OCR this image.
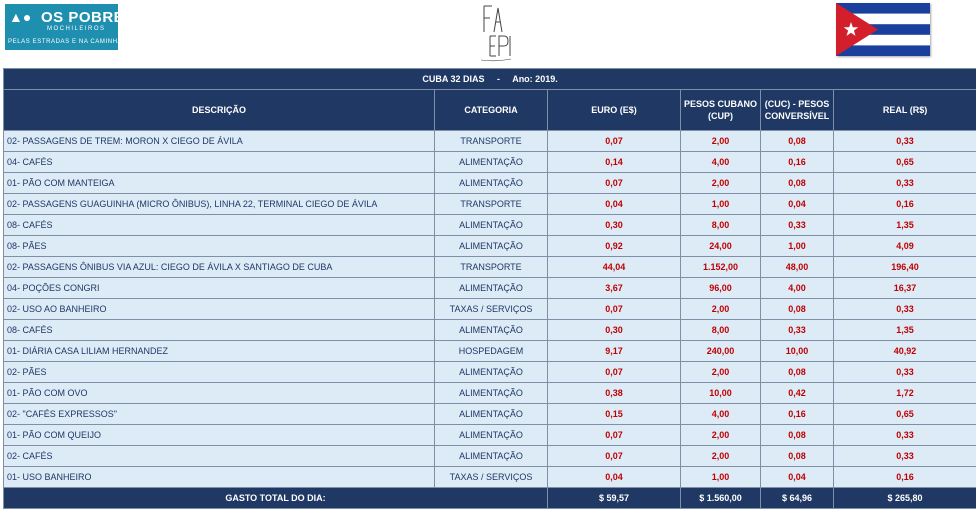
▲● OS POBRES
MOCHILEIROS
PELAS ESTRADAS E NA CAMINHADA
CUBA 32 DIAS     -     Ano: 2019.					
DESCRIÇÃO	CATEGORIA	EURO (E$)	PESOS CUBANO (CUP)	(CUC) - PESOS CONVERSÍVEL	REAL (R$)
02- PASSAGENS DE TREM: MORON X CIEGO DE ÁVILA	TRANSPORTE	0,07	2,00	0,08	0,33
04- CAFÉS	ALIMENTAÇÃO	0,14	4,00	0,16	0,65
01- PÃO COM MANTEIGA	ALIMENTAÇÃO	0,07	2,00	0,08	0,33
02- PASSAGENS GUAGUINHA (MICRO ÔNIBUS), LINHA 22, TERMINAL CIEGO DE ÁVILA	TRANSPORTE	0,04	1,00	0,04	0,16
08- CAFÉS	ALIMENTAÇÃO	0,30	8,00	0,33	1,35
08- PÃES	ALIMENTAÇÃO	0,92	24,00	1,00	4,09
02- PASSAGENS ÔNIBUS VIA AZUL: CIEGO DE ÁVILA X SANTIAGO DE CUBA	TRANSPORTE	44,04	1.152,00	48,00	196,40
04- POÇÕES CONGRI	ALIMENTAÇÃO	3,67	96,00	4,00	16,37
02- USO AO BANHEIRO	TAXAS / SERVIÇOS	0,07	2,00	0,08	0,33
08- CAFÉS	ALIMENTAÇÃO	0,30	8,00	0,33	1,35
01- DIÁRIA CASA LILIAM HERNANDEZ	HOSPEDAGEM	9,17	240,00	10,00	40,92
02- PÃES	ALIMENTAÇÃO	0,07	2,00	0,08	0,33
01- PÃO COM OVO	ALIMENTAÇÃO	0,38	10,00	0,42	1,72
02- "CAFÉS EXPRESSOS"	ALIMENTAÇÃO	0,15	4,00	0,16	0,65
01- PÃO COM QUEIJO	ALIMENTAÇÃO	0,07	2,00	0,08	0,33
02- CAFÉS	ALIMENTAÇÃO	0,07	2,00	0,08	0,33
01- USO BANHEIRO	TAXAS / SERVIÇOS	0,04	1,00	0,04	0,16
GASTO TOTAL DO DIA:		$ 59,57	$ 1.560,00	$ 64,96	$ 265,80
